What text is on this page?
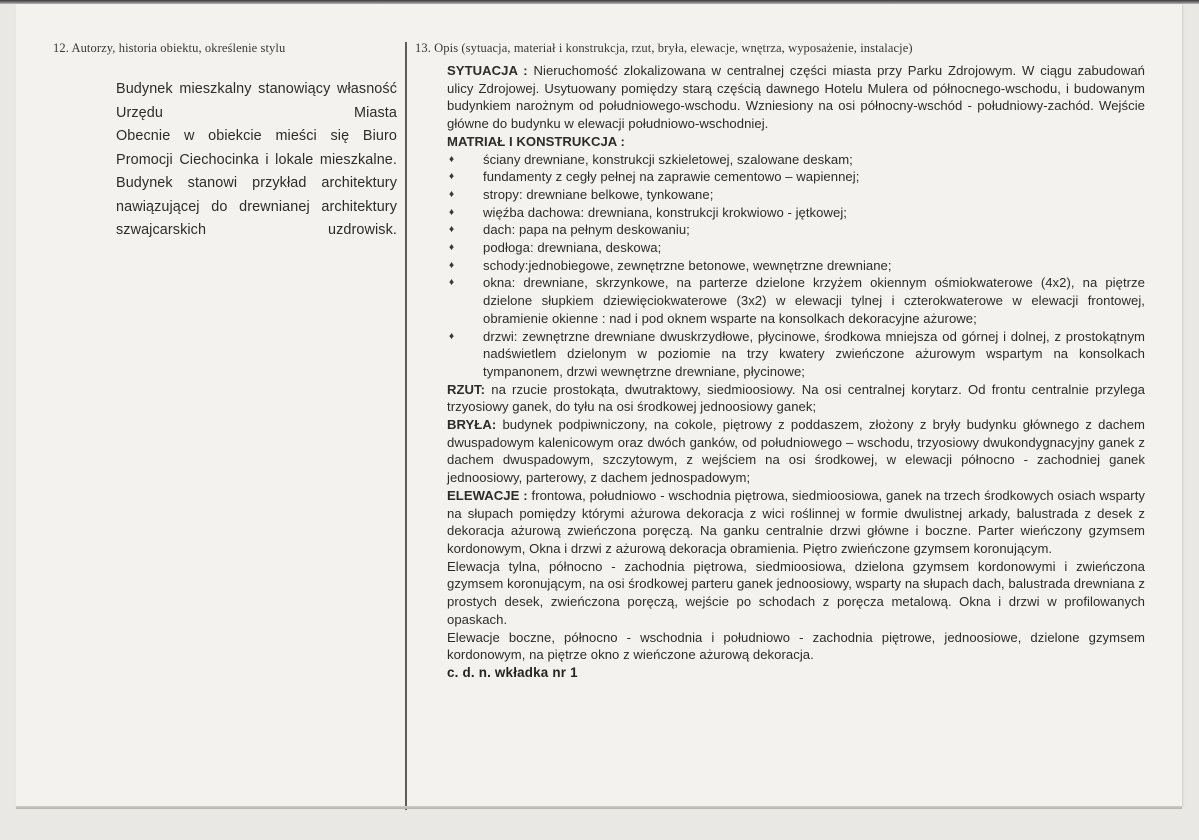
12. Autorzy, historia obiektu, określenie stylu	13. Opis (sytuacja, materiał i konstrukcja, rzut, bryła, elewacje, wnętrza, wyposażenie, instalacje)

Budynek mieszkalny stanowiący własność Urzędu Miasta

Obecnie w obiekcie mieści się Biuro Promocji Ciechocinka i lokale mieszkalne.

Budynek stanowi przykład architektury nawiązującej do drewnianej architektury szwajcarskich uzdrowisk.

SYTUACJA : Nieruchomość zlokalizowana w centralnej części miasta przy Parku Zdrojowym. W ciągu zabudowań ulicy Zdrojowej. Usytuowany pomiędzy starą częścią dawnego Hotelu Mulera od północnego-wschodu, i budowanym budynkiem narożnym od południowego-wschodu. Wzniesiony na osi północny-wschód - południowy-zachód. Wejście główne do budynku w elewacji południowo-wschodniej.

MATRIAŁ I KONSTRUKCJA :

♦ ściany drewniane, konstrukcji szkieletowej, szalowane deskam;
♦ fundamenty z cegły pełnej na zaprawie cementowo – wapiennej;
♦ stropy: drewniane belkowe, tynkowane;
♦ więźba dachowa: drewniana, konstrukcji krokwiowo - jętkowej;
♦ dach: papa na pełnym deskowaniu;
♦ podłoga: drewniana, deskowa;
♦ schody:jednobiegowe, zewnętrzne betonowe, wewnętrzne drewniane;
♦ okna: drewniane, skrzynkowe, na parterze dzielone krzyżem okiennym ośmiokwaterowe (4x2), na piętrze dzielone słupkiem dziewięciokwaterowe (3x2) w elewacji tylnej i czterokwaterowe w elewacji frontowej, obramienie okienne : nad i pod oknem wsparte na konsolkach dekoracyjne ażurowe;
♦ drzwi: zewnętrzne drewniane dwuskrzydłowe, płycinowe, środkowa mniejsza od górnej i dolnej, z prostokątnym nadświetlem dzielonym w poziomie na trzy kwatery zwieńczone ażurowym wspartym na konsolkach tympanonem, drzwi wewnętrzne drewniane, płycinowe;

RZUT: na rzucie prostokąta, dwutraktowy, siedmioosiowy. Na osi centralnej korytarz. Od frontu centralnie przylega trzyosiowy ganek, do tyłu na osi środkowej jednoosiowy ganek;

BRYŁA: budynek podpiwniczony, na cokole, piętrowy z poddaszem, złożony z bryły budynku głównego z dachem dwuspadowym kalenicowym oraz dwóch ganków, od południowego – wschodu, trzyosiowy dwukondygnacyjny ganek z dachem dwuspadowym, szczytowym, z wejściem na osi środkowej, w elewacji północno - zachodniej ganek jednoosiowy, parterowy, z dachem jednospadowym;

ELEWACJE : frontowa, południowo - wschodnia piętrowa, siedmioosiowa, ganek na trzech środkowych osiach wsparty na słupach pomiędzy którymi ażurowa dekoracja z wici roślinnej w formie dwulistnej arkady, balustrada z desek z dekoracja ażurową zwieńczona poręczą. Na ganku centralnie drzwi główne i boczne. Parter wieńczony gzymsem kordonowym, Okna i drzwi z ażurową dekoracja obramienia. Piętro zwieńczone gzymsem koronującym.

Elewacja tylna, północno - zachodnia piętrowa, siedmioosiowa, dzielona gzymsem kordonowymi i zwieńczona gzymsem koronującym, na osi środkowej parteru ganek jednoosiowy, wsparty na słupach dach, balustrada drewniana z prostych desek, zwieńczona poręczą, wejście po schodach z poręcza metalową. Okna i drzwi w profilowanych opaskach.

Elewacje boczne, północno - wschodnia i południowo - zachodnia piętrowe, jednoosiowe, dzielone gzymsem kordonowym, na piętrze okno z wieńczone ażurową dekoracja.

c. d. n. wkładka nr 1
